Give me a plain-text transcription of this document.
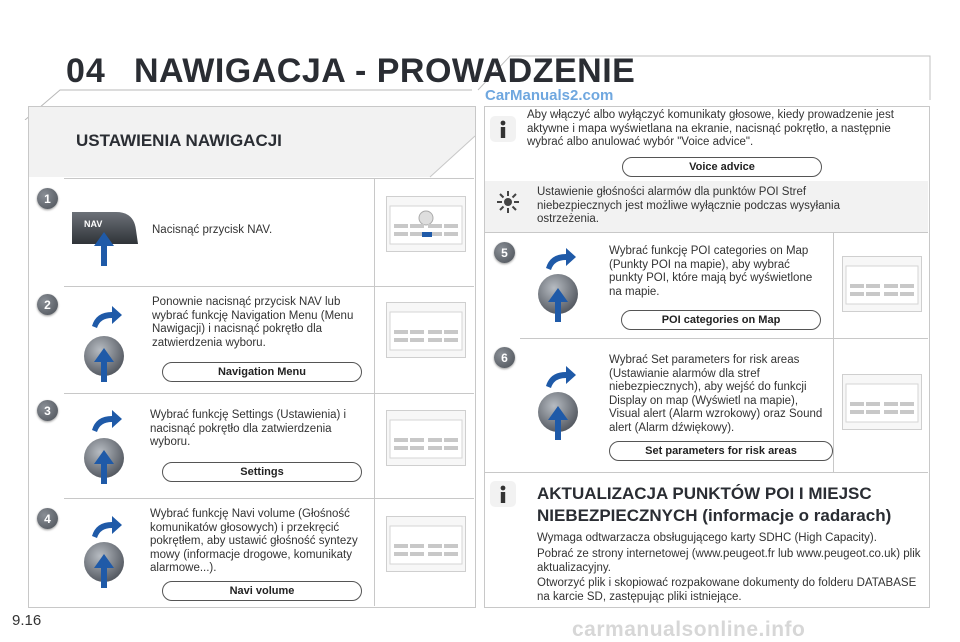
04 NAWIGACJA - PROWADZENIE
CarManuals2.com
USTAWIENIA NAWIGACJI
1
NAV	Nacisnąć przycisk NAV.
2	Ponownie nacisnąć przycisk NAV lub wybrać funkcję Navigation Menu (Menu Nawigacji) i nacisnąć pokrętło dla zatwierdzenia wyboru.
Navigation Menu
3	Wybrać funkcję Settings (Ustawienia) i nacisnąć pokrętło dla zatwierdzenia wyboru.
Settings
4	Wybrać funkcję Navi volume (Głośność komunikatów głosowych) i przekręcić pokrętłem, aby ustawić głośność syntezy mowy (informacje drogowe, komunikaty alarmowe...).
Navi volume
Aby włączyć albo wyłączyć komunikaty głosowe, kiedy prowadzenie jest aktywne i mapa wyświetlana na ekranie, nacisnąć pokrętło, a następnie wybrać albo anulować wybór "Voice advice".
Voice advice
Ustawienie głośności alarmów dla punktów POI Stref niebezpiecznych jest możliwe wyłącznie podczas wysyłania ostrzeżenia.
5	Wybrać funkcję POI categories on Map (Punkty POI na mapie), aby wybrać punkty POI, które mają być wyświetlone na mapie.
POI categories on Map
6	Wybrać Set parameters for risk areas (Ustawianie alarmów dla stref niebezpiecznych), aby wejść do funkcji Display on map (Wyświetl na mapie), Visual alert (Alarm wzrokowy) oraz Sound alert (Alarm dźwiękowy).
Set parameters for risk areas
AKTUALIZACJA PUNKTÓW POI I MIEJSC
NIEBEZPIECZNYCH (informacje o radarach)
Wymaga odtwarzacza obsługującego karty SDHC (High Capacity).
Pobrać ze strony internetowej (www.peugeot.fr lub www.peugeot.co.uk) plik aktualizacyjny.
Otworzyć plik i skopiować rozpakowane dokumenty do folderu DATABASE na karcie SD, zastępując pliki istniejące.
9.16	carmanualsonline.info
